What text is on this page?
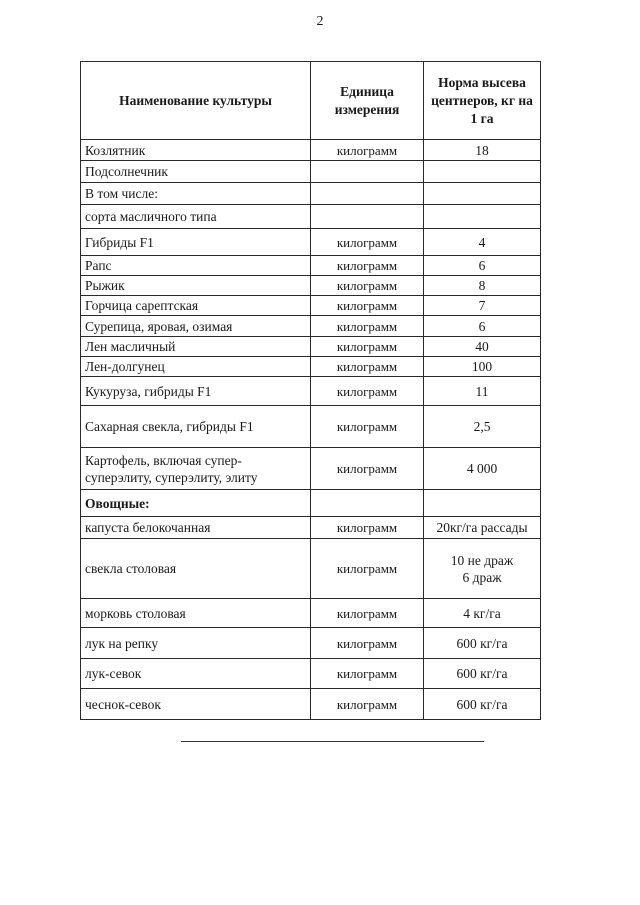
2
Наименование культуры	Единица измерения	Норма высева центнеров, кг на 1 га
Козлятник	килограмм	18
Подсолнечник		
В том числе:		
сорта масличного типа		
Гибриды F1	килограмм	4
Рапс	килограмм	6
Рыжик	килограмм	8
Горчица сарептская	килограмм	7
Сурепица, яровая, озимая	килограмм	6
Лен масличный	килограмм	40
Лен-долгунец	килограмм	100
Кукуруза, гибриды F1	килограмм	11
Сахарная свекла, гибриды F1	килограмм	2,5
Картофель, включая супер-суперэлиту, суперэлиту, элиту	килограмм	4 000
Овощные:		
капуста белокочанная	килограмм	20кг/га рассады
свекла столовая	килограмм	10 не драж
6 драж

морковь столовая	килограмм	4 кг/га
лук на репку	килограмм	600 кг/га
лук-севок	килограмм	600 кг/га
чеснок-севок	килограмм	600 кг/га
